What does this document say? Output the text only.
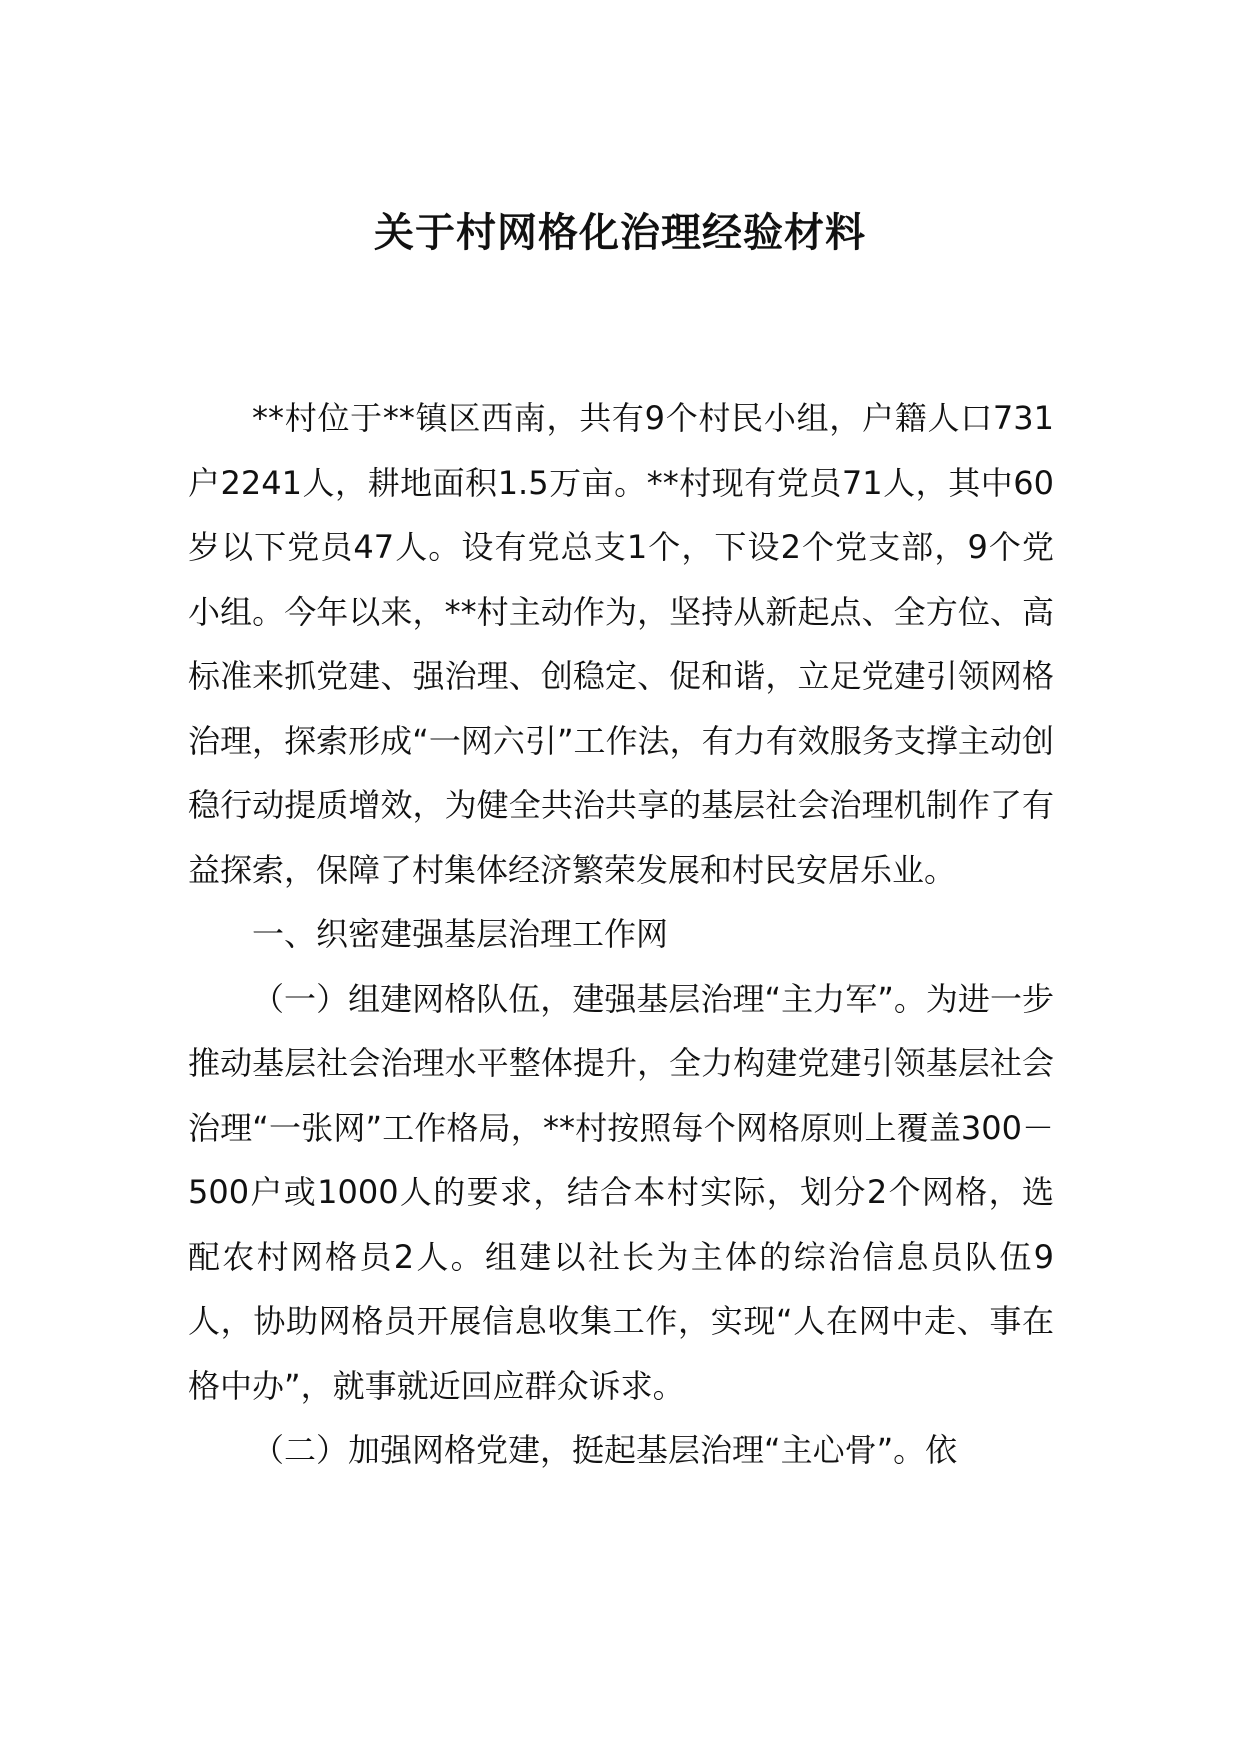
关于村网格化治理经验材料

**村位于**镇区西南，共有9个村民小组，户籍人口731户2241人，耕地面积1.5万亩。**村现有党员71人，其中60岁以下党员47人。设有党总支1个，下设2个党支部，9个党小组。今年以来，**村主动作为，坚持从新起点、全方位、高标准来抓党建、强治理、创稳定、促和谐，立足党建引领网格治理，探索形成“一网六引”工作法，有力有效服务支撑主动创稳行动提质增效，为健全共治共享的基层社会治理机制作了有益探索，保障了村集体经济繁荣发展和村民安居乐业。

一、织密建强基层治理工作网

（一）组建网格队伍，建强基层治理“主力军”。为进一步推动基层社会治理水平整体提升，全力构建党建引领基层社会治理“一张网”工作格局，**村按照每个网格原则上覆盖300－500户或1000人的要求，结合本村实际，划分2个网格，选配农村网格员2人。组建以社长为主体的综治信息员队伍9人，协助网格员开展信息收集工作，实现“人在网中走、事在格中办”，就事就近回应群众诉求。

（二）加强网格党建，挺起基层治理“主心骨”。依
